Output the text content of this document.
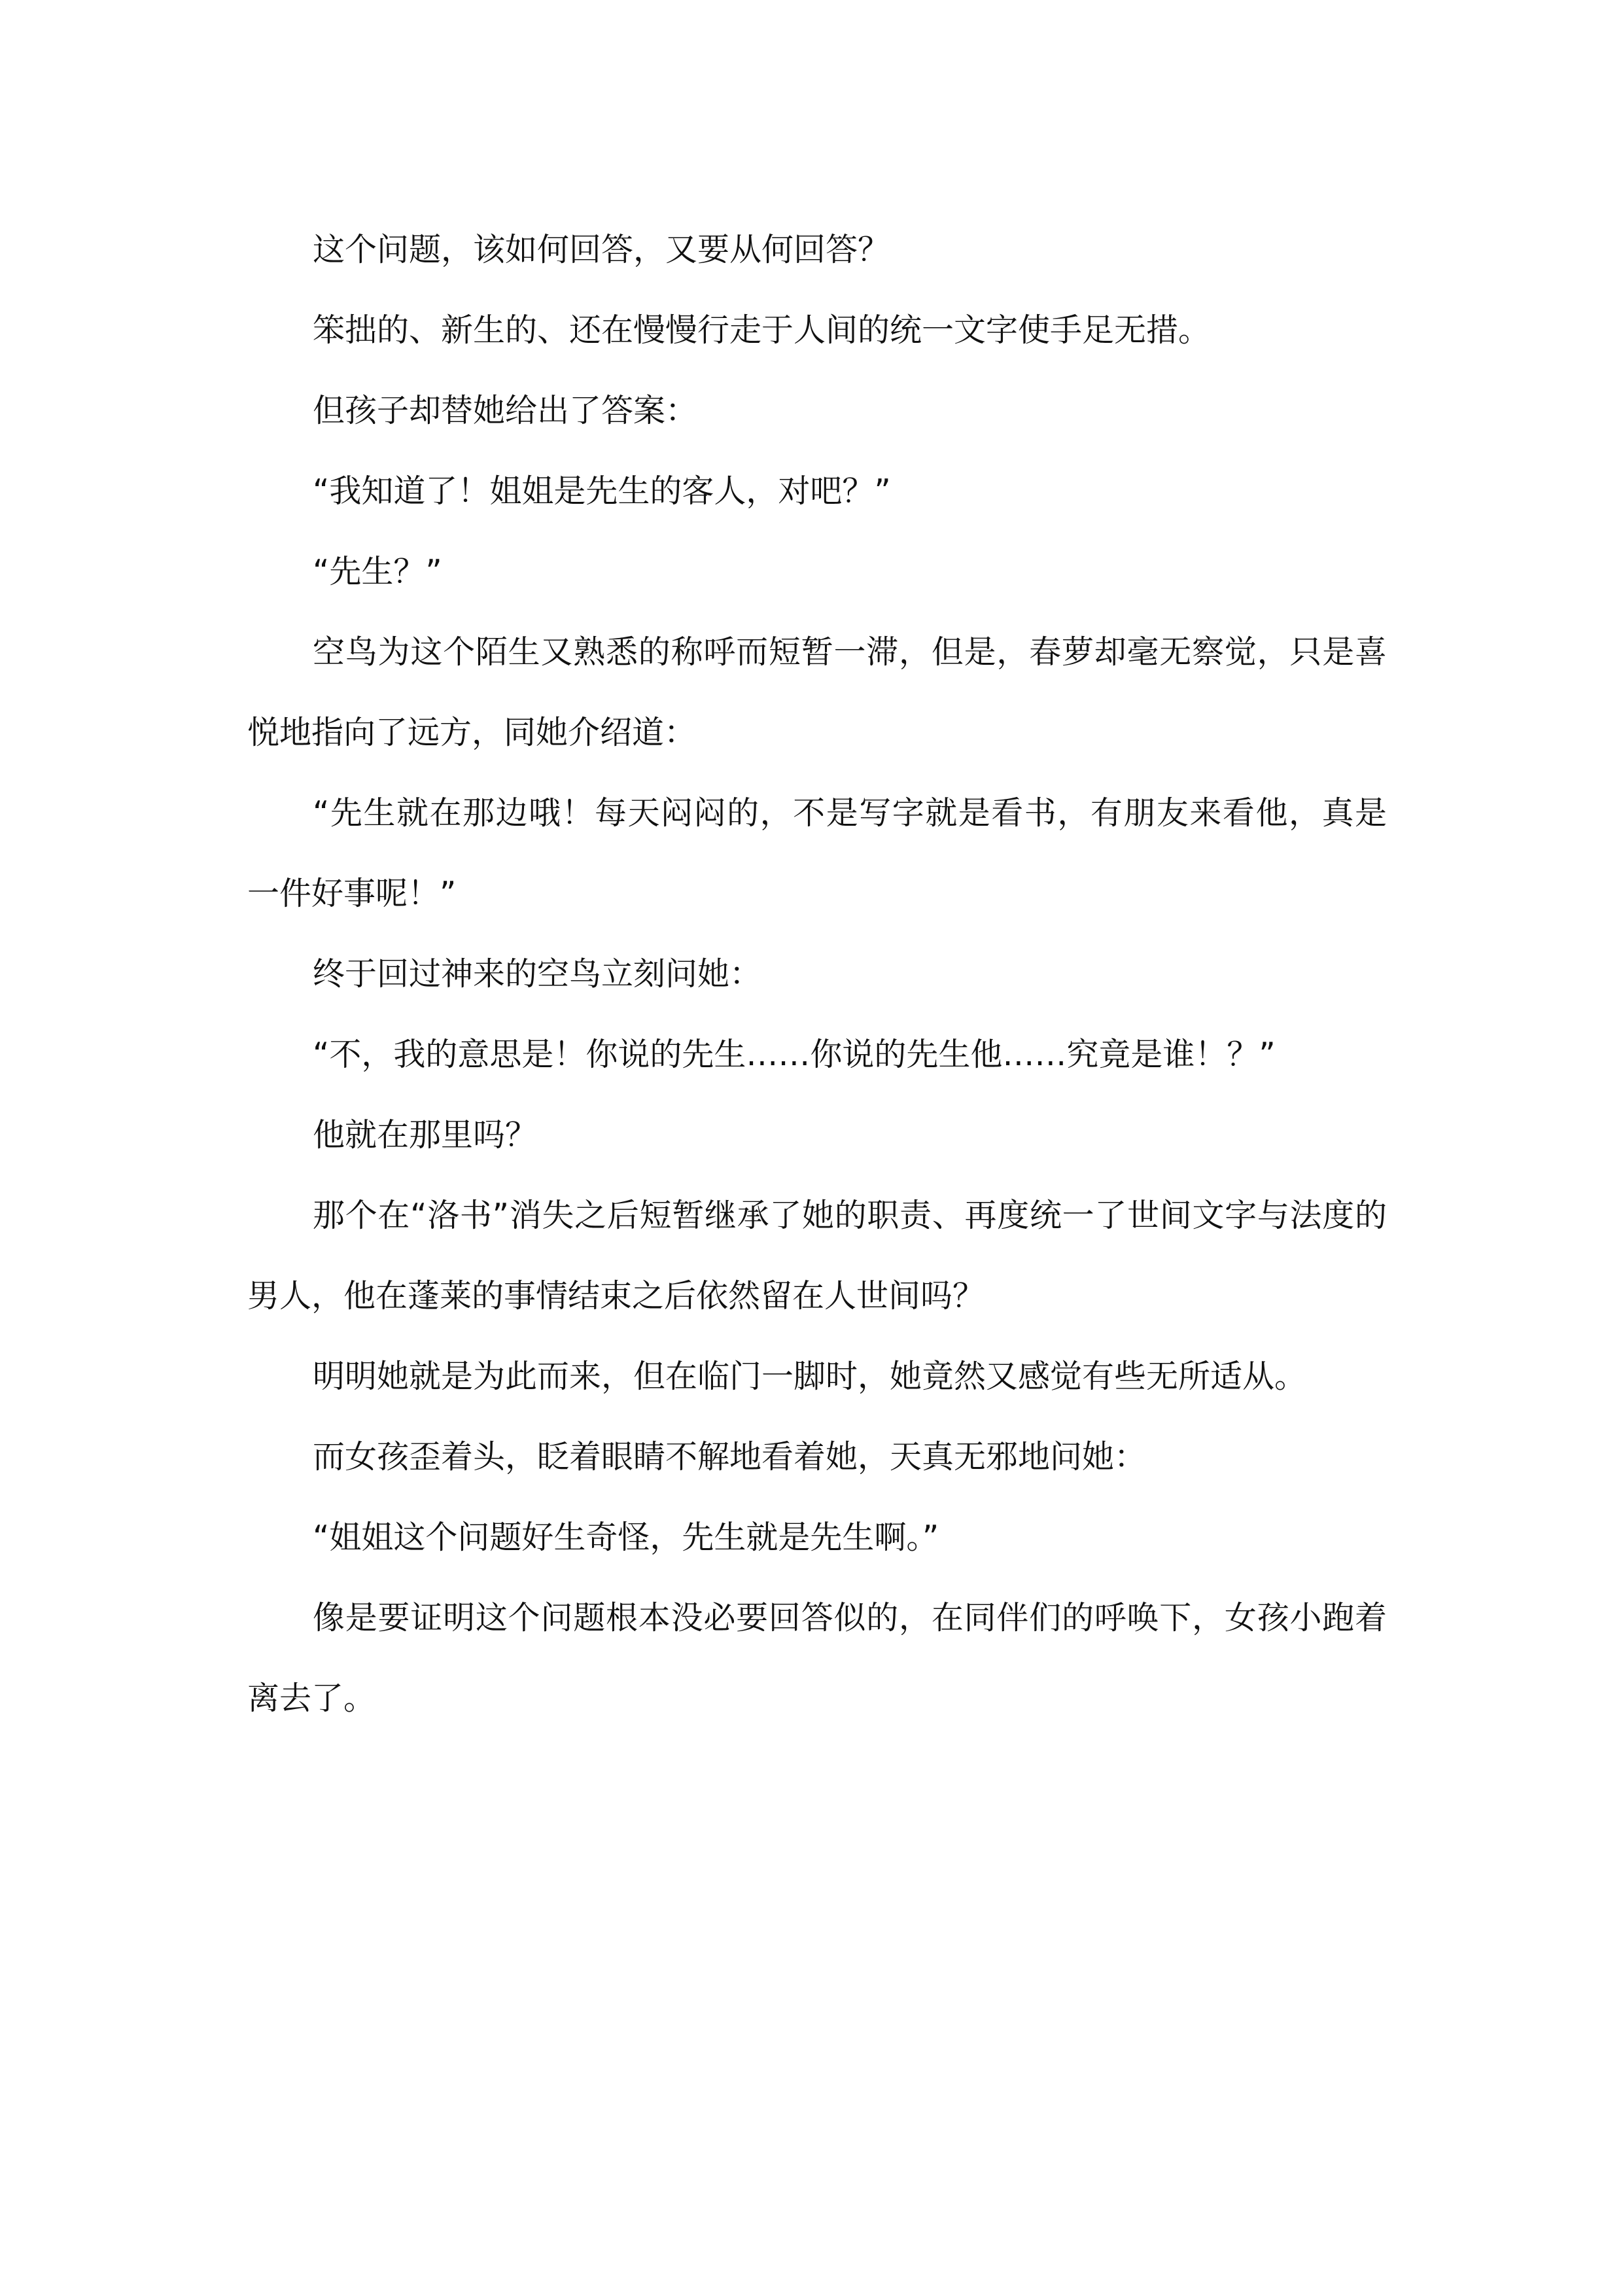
这个问题，该如何回答，又要从何回答？

笨拙的、新生的、还在慢慢行走于人间的统一文字使手足无措。

但孩子却替她给出了答案：

“我知道了！姐姐是先生的客人，对吧？”

“先生？”

空鸟为这个陌生又熟悉的称呼而短暂一滞，但是，春萝却毫无察觉，只是喜悦地指向了远方，同她介绍道：

“先生就在那边哦！每天闷闷的，不是写字就是看书，有朋友来看他，真是一件好事呢！”

终于回过神来的空鸟立刻问她：

“不，我的意思是！你说的先生……你说的先生他……究竟是谁！？”

他就在那里吗？

那个在“洛书”消失之后短暂继承了她的职责、再度统一了世间文字与法度的男人，他在蓬莱的事情结束之后依然留在人世间吗？

明明她就是为此而来，但在临门一脚时，她竟然又感觉有些无所适从。

而女孩歪着头，眨着眼睛不解地看着她，天真无邪地问她：

“姐姐这个问题好生奇怪，先生就是先生啊。”

像是要证明这个问题根本没必要回答似的，在同伴们的呼唤下，女孩小跑着离去了。
